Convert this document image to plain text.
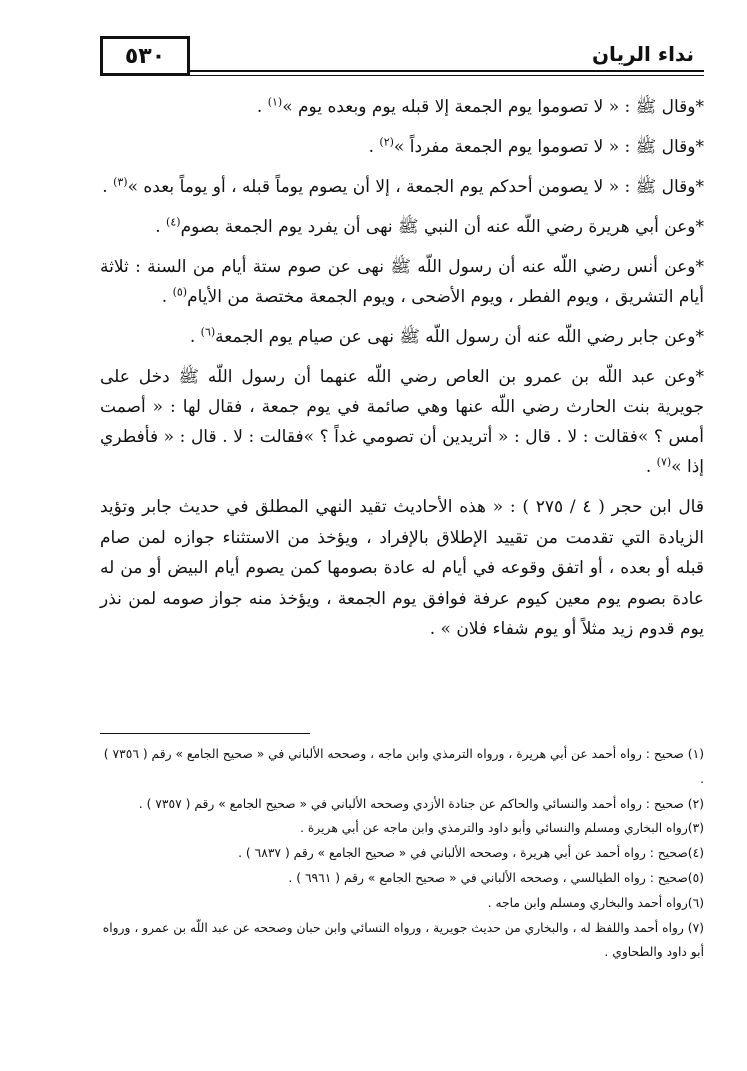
٥٣٠	نداء الريان

*وقال ﷺ : « لا تصوموا يوم الجمعة إلا قبله يوم وبعده يوم »$^{(١)}$ .

*وقال ﷺ : « لا تصوموا يوم الجمعة مفرداً »$^{(٢)}$ .

*وقال ﷺ : « لا يصومن أحدكم يوم الجمعة ، إلا أن يصوم يوماً قبله ، أو يوماً بعده »$^{(٣)}$ .

*وعن أبي هريرة رضي اللّه عنه أن النبي ﷺ نهى أن يفرد يوم الجمعة بصوم$^{(٤)}$ .

*وعن أنس رضي اللّه عنه أن رسول اللّه ﷺ نهى عن صوم ستة أيام من السنة : ثلاثة أيام التشريق ، ويوم الفطر ، ويوم الأضحى ، ويوم الجمعة مختصة من الأيام$^{(٥)}$ .

*وعن جابر رضي اللّه عنه أن رسول اللّه ﷺ نهى عن صيام يوم الجمعة$^{(٦)}$ .

*وعن عبد اللّه بن عمرو بن العاص رضي اللّه عنهما أن رسول اللّه ﷺ دخل على جويرية بنت الحارث رضي اللّه عنها وهي صائمة في يوم جمعة ، فقال لها : « أصمت أمس ؟ »فقالت : لا . قال : « أتريدين أن تصومي غداً ؟ »فقالت : لا . قال : « فأفطري إذا »$^{(٧)}$ .

قال ابن حجر ( ٤ / ٢٧٥ ) : « هذه الأحاديث تقيد النهي المطلق في حديث جابر وتؤيد الزيادة التي تقدمت من تقييد الإطلاق بالإفراد ، ويؤخذ من الاستثناء جوازه لمن صام قبله أو بعده ، أو اتفق وقوعه في أيام له عادة بصومها كمن يصوم أيام البيض أو من له عادة بصوم يوم معين كيوم عرفة فوافق يوم الجمعة ، ويؤخذ منه جواز صومه لمن نذر يوم قدوم زيد مثلاً أو يوم شفاء فلان » .

(١) صحيح : رواه أحمد عن أبي هريرة ، ورواه الترمذي وابن ماجه ، وصححه الألباني في « صحيح الجامع » رقم ( ٧٣٥٦ ) .

(٢) صحيح : رواه أحمد والنسائي والحاكم عن جنادة الأزدي وصححه الألباني في « صحيح الجامع » رقم ( ٧٣٥٧ ) .

(٣)رواه البخاري ومسلم والنسائي وأبو داود والترمذي وابن ماجه عن أبي هريرة .

(٤)صحيح : رواه أحمد عن أبي هريرة ، وصححه الألباني في « صحيح الجامع » رقم ( ٦٨٣٧ ) .

(٥)صحيح : رواه الطيالسي ، وصححه الألباني في « صحيح الجامع » رقم ( ٦٩٦١ ) .

(٦)رواه أحمد والبخاري ومسلم وابن ماجه .

(٧) رواه أحمد واللفظ له ، والبخاري من حديث جويرية ، ورواه النسائي وابن حبان وصححه عن عبد اللّه بن عمرو ، ورواه أبو داود والطحاوي .
